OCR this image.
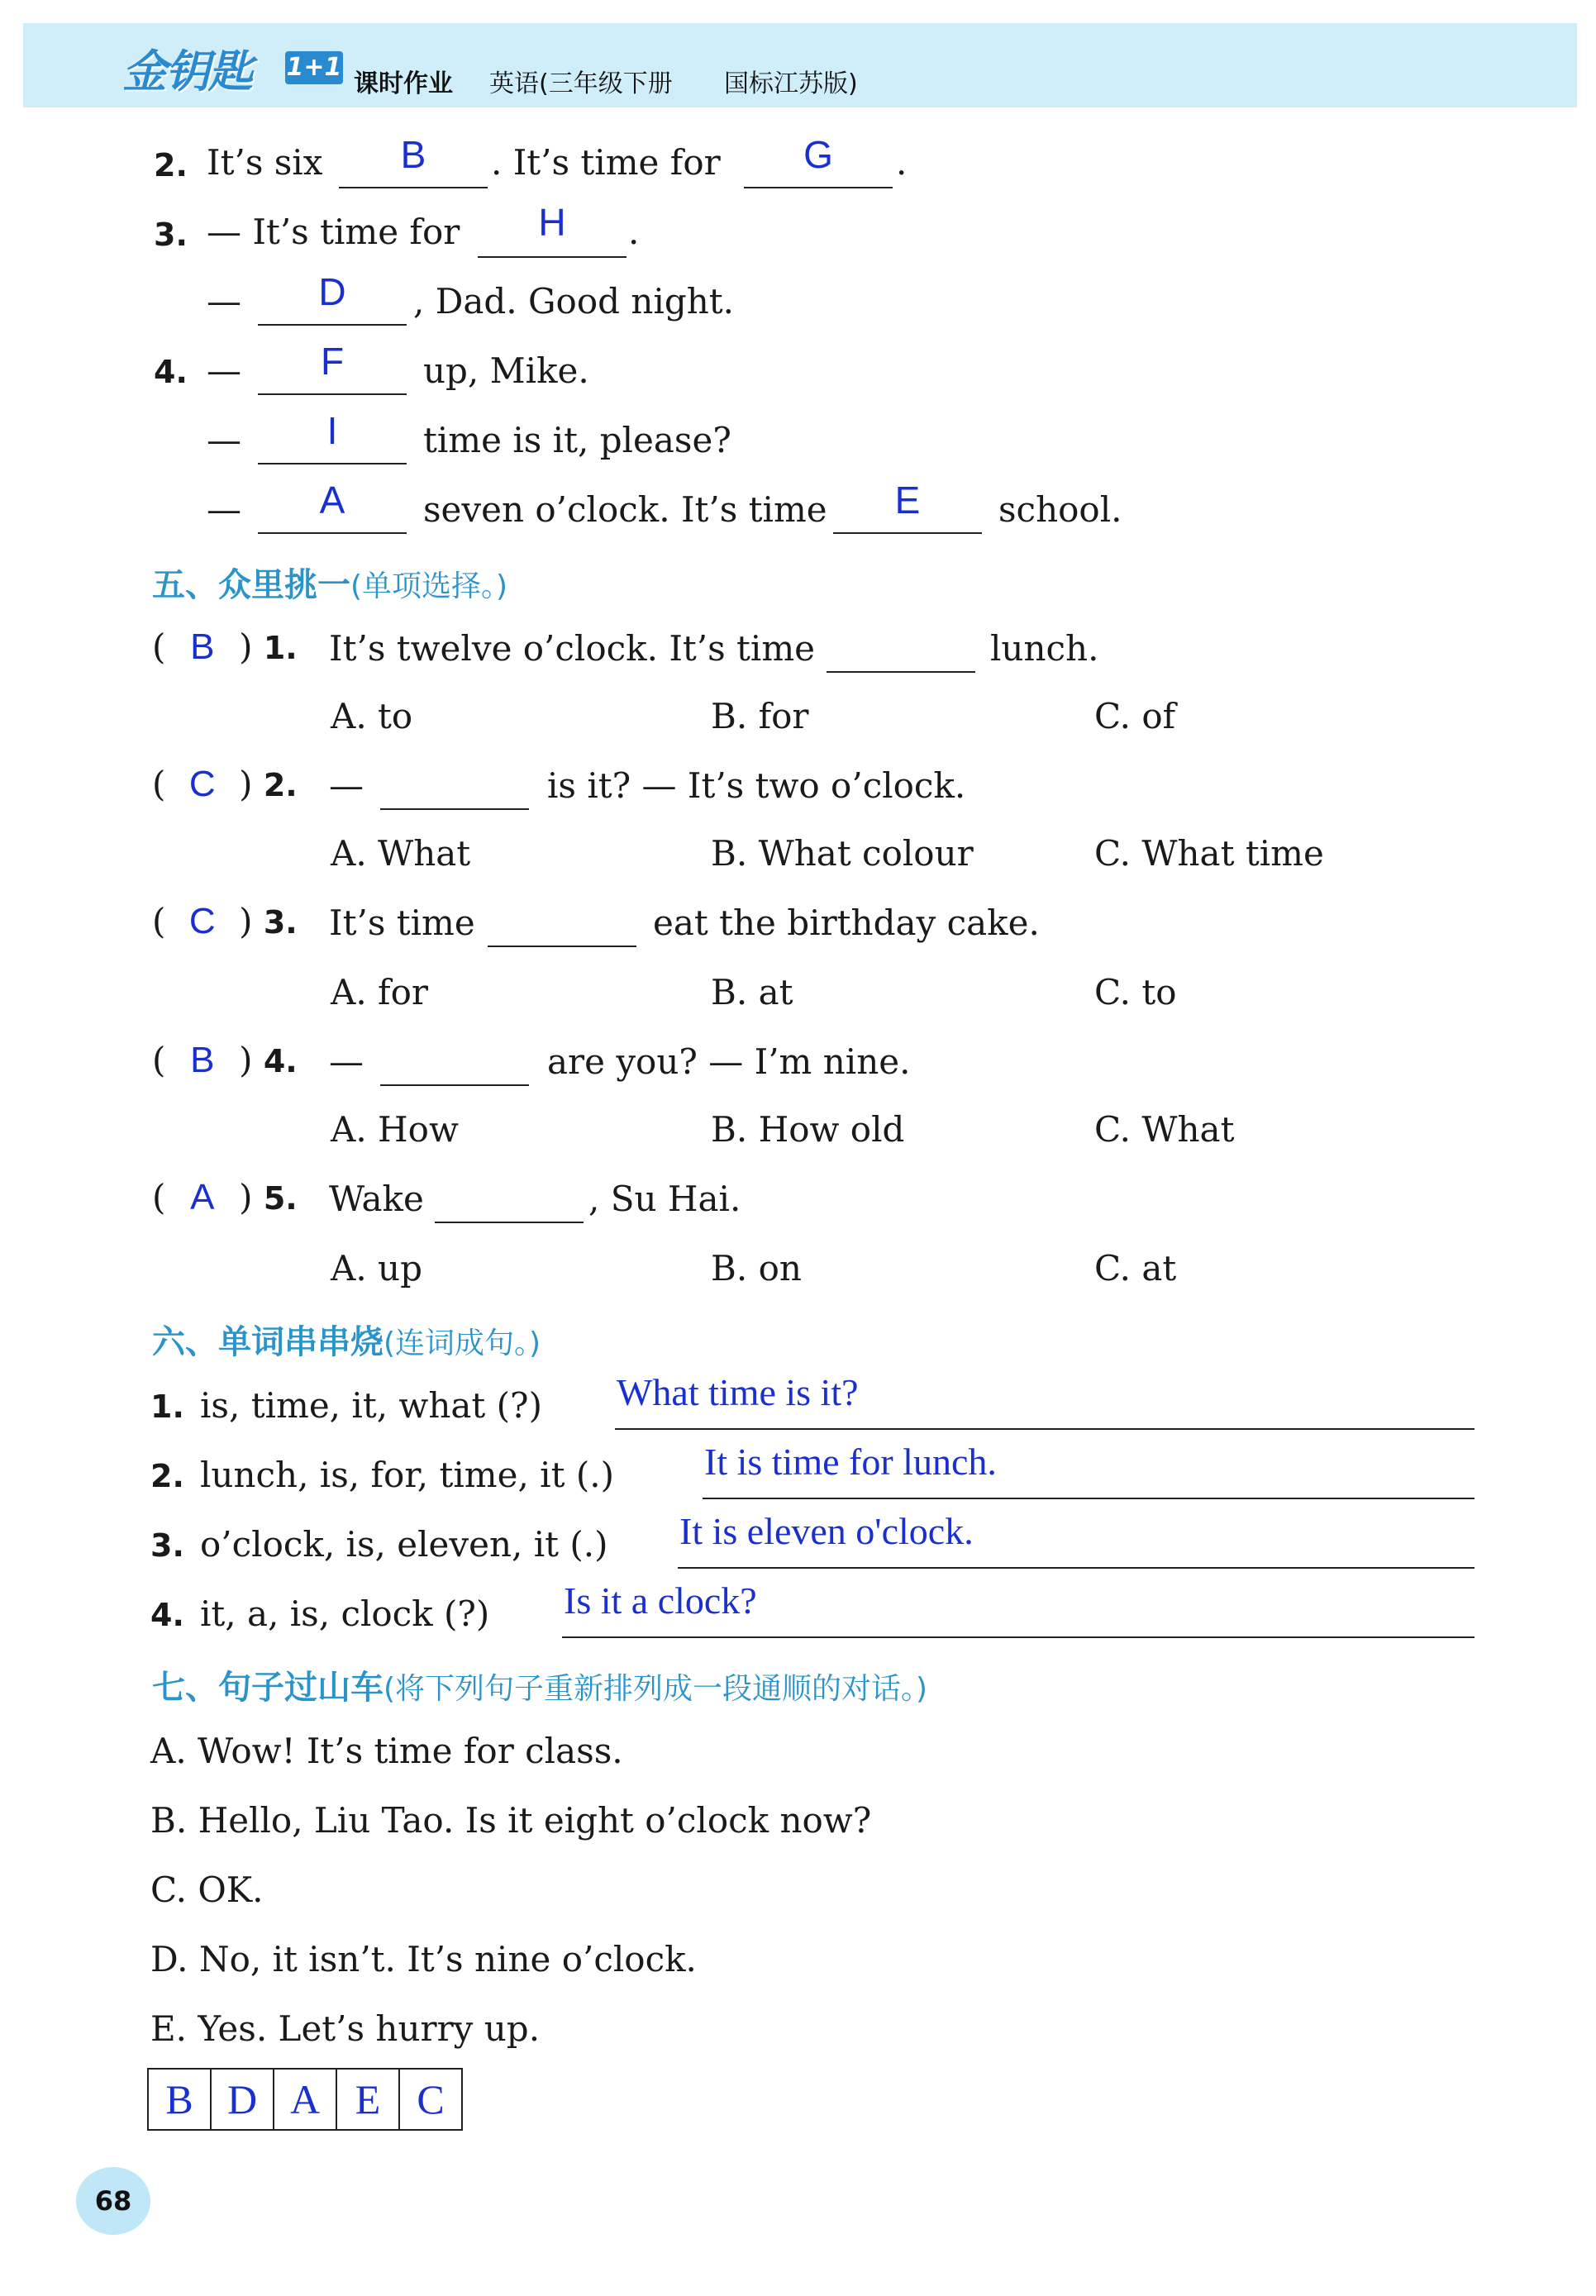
金钥匙 1+1
课时作业 英语(三年级下册 国标江苏版)
2. It’s six	B	. It’s time for	G	.
3. — It’s time for	H	.
—	D	, Dad. Good night.
4. —	F	up, Mike.
—	I	time is it, please?
—	A	seven o’clock. It’s time	E	school.
五、众里挑一(单项选择。)
( B ) 1. It’s twelve o’clock. It’s time	lunch.
A. to	B. for	C. of
( C ) 2. —	is it? — It’s two o’clock.
A. What	B. What colour	C. What time
( C ) 3. It’s time	eat the birthday cake.
A. for	B. at	C. to
( B ) 4. —	are you? — I’m nine.
A. How	B. How old	C. What
( A ) 5. Wake	, Su Hai.
A. up	B. on	C. at
六、单词串串烧(连词成句。)
1. is, time, it, what (?) What time is it?
2. lunch, is, for, time, it (.) It is time for lunch.
3. o’clock, is, eleven, it (.) It is eleven o'clock.
4. it, a, is, clock (?) Is it a clock?
七、句子过山车(将下列句子重新排列成一段通顺的对话。)
A. Wow! It’s time for class.
B. Hello, Liu Tao. Is it eight o’clock now?
C. OK.
D. No, it isn’t. It’s nine o’clock.
E. Yes. Let’s hurry up.
B D A E C
68
